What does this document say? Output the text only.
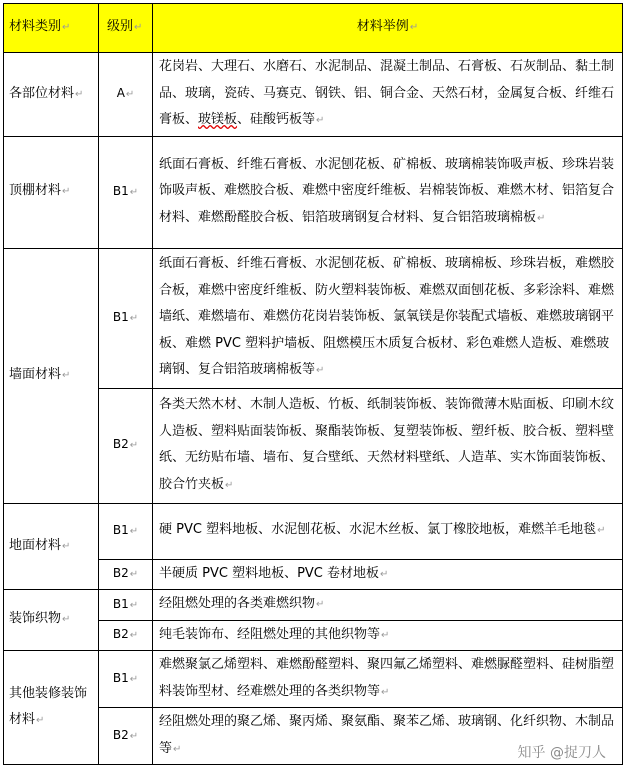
材料类别↵	级别↵	材料举例↵
各部位材料↵	A↵	花岗岩、大理石、水磨石、水泥制品、混凝土制品、石膏板、石灰制品、黏土制品、玻璃，瓷砖、马赛克、钢铁、铝、铜合金、天然石材，金属复合板、纤维石膏板、玻镁板、硅酸钙板等↵
顶棚材料↵	B1↵	纸面石膏板、纤维石膏板、水泥刨花板、矿棉板、玻璃棉装饰吸声板、珍珠岩装饰吸声板、难燃胶合板、难燃中密度纤维板、岩棉装饰板、难燃木材、铝箔复合材料、难燃酚醛胶合板、铝箔玻璃钢复合材料、复合铝箔玻璃棉板↵
墙面材料↵	B1↵	纸面石膏板、纤维石膏板、水泥刨花板、矿棉板、玻璃棉板、珍珠岩板，难燃胶合板，难燃中密度纤维板、防火塑料装饰板、难燃双面刨花板、多彩涂料、难燃墙纸、难燃墙布、难燃仿花岗岩装饰板、氯氧镁是你装配式墙板、难燃玻璃钢平板、难燃 PVC 塑料护墙板、阻燃模压木质复合板材、彩色难燃人造板、难燃玻璃钢、复合铝箔玻璃棉板等↵
	B2↵	各类天然木材、木制人造板、竹板、纸制装饰板、装饰微薄木贴面板、印刷木纹人造板、塑料贴面装饰板、聚酯装饰板、复塑装饰板、塑纤板、胶合板、塑料壁纸、无纺贴布墙、墙布、复合壁纸、天然材料壁纸、人造革、实木饰面装饰板、胶合竹夹板↵
地面材料↵	B1↵	硬 PVC 塑料地板、水泥刨花板、水泥木丝板、氯丁橡胶地板，难燃羊毛地毯↵
	B2↵	半硬质 PVC 塑料地板、PVC 卷材地板↵
装饰织物↵	B1↵	经阻燃处理的各类难燃织物↵
	B2↵	纯毛装饰布、经阻燃处理的其他织物等↵
其他装修装饰材料↵	B1↵	难燃聚氯乙烯塑料、难燃酚醛塑料、聚四氟乙烯塑料、难燃脲醛塑料、硅树脂塑料装饰型材、经难燃处理的各类织物等↵
	B2↵	经阻燃处理的聚乙烯、聚丙烯、聚氨酯、聚苯乙烯、玻璃钢、化纤织物、木制品等↵	知乎 @捉刀人
